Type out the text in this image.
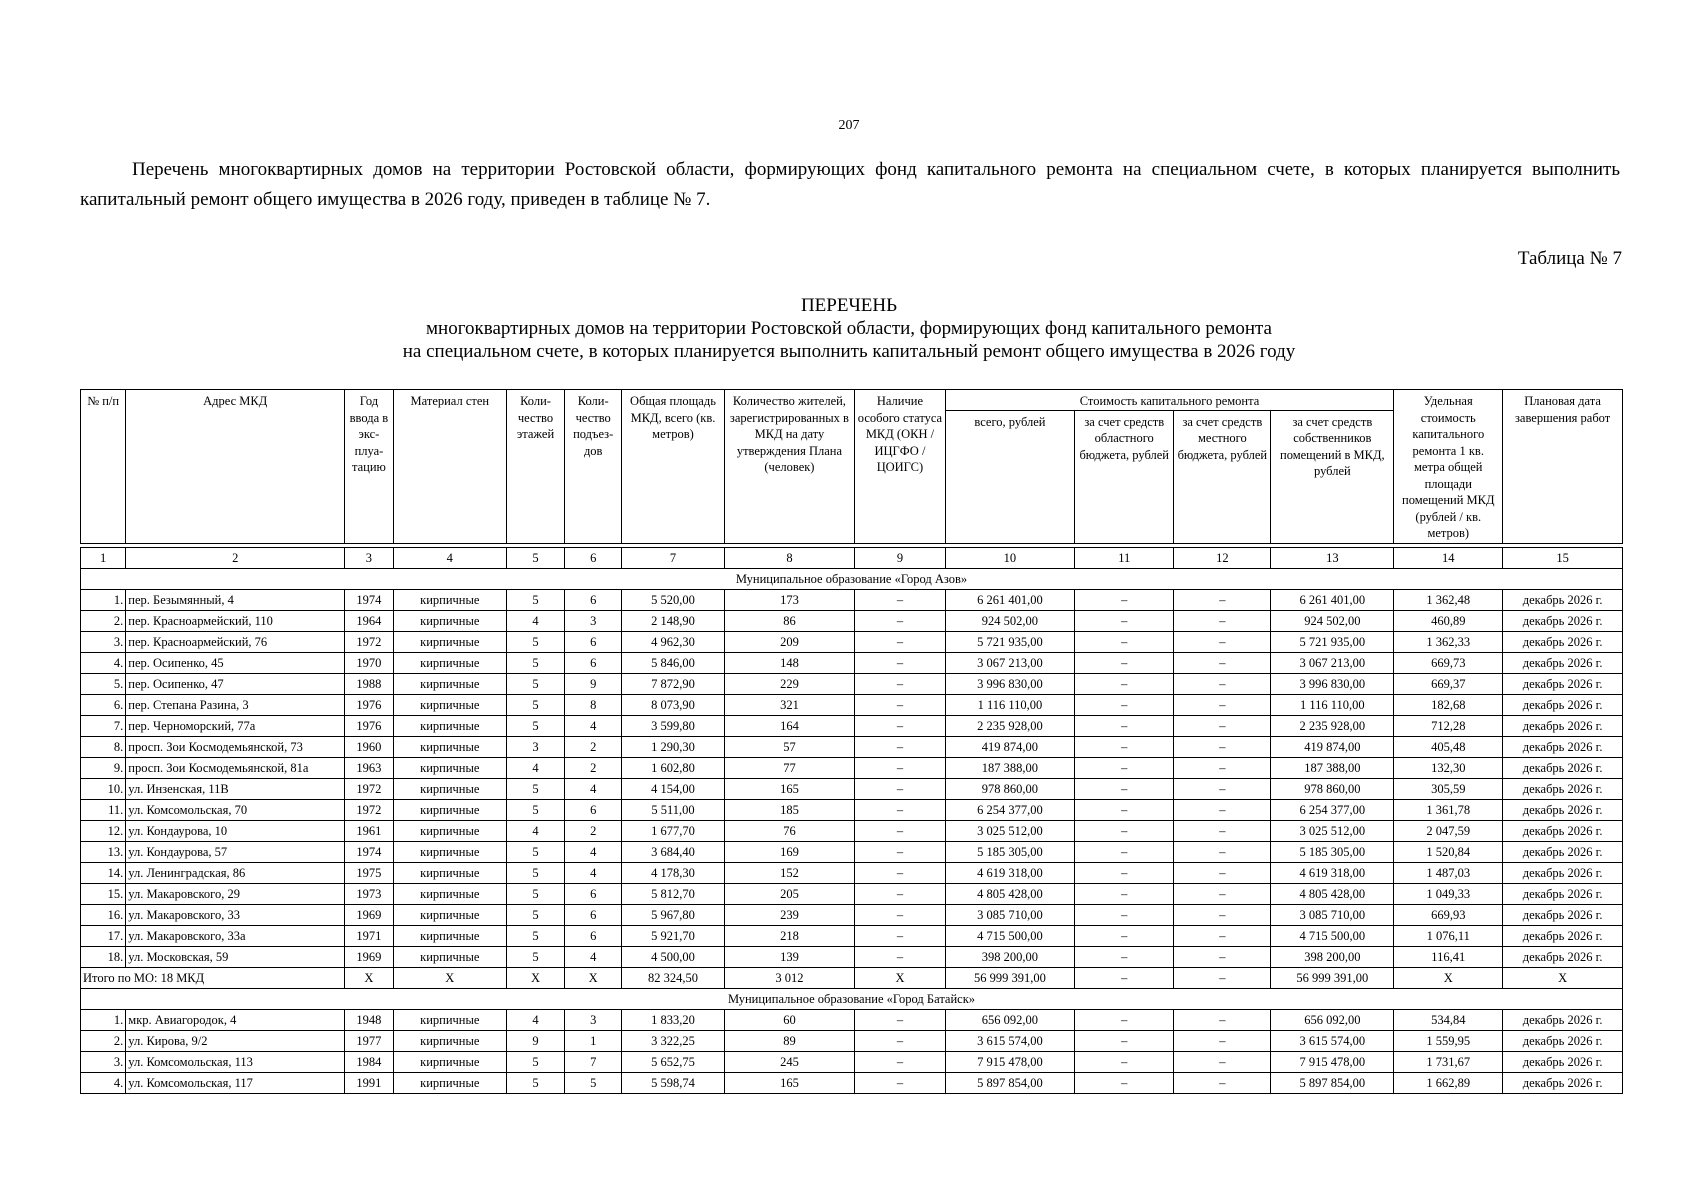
207
Перечень многоквартирных домов на территории Ростовской области, формирующих фонд капитального ремонта на специальном счете, в которых планируется выполнить капитальный ремонт общего имущества в 2026 году, приведен в таблице № 7.
Таблица № 7
ПЕРЕЧЕНЬ
многоквартирных домов на территории Ростовской области, формирующих фонд капитального ремонта
на специальном счете, в которых планируется выполнить капитальный ремонт общего имущества в 2026 году
№ п/п	Адрес МКД	Год ввода в экс-плуа-тацию	Материал стен	Коли-чество этажей	Коли-чество подъез-дов	Общая площадь МКД, всего (кв. метров)	Количество жителей, зарегистрированных в МКД на дату утверждения Плана (человек)	Наличие особого статуса МКД (ОКН / ИЦГФО / ЦОИГС)	Стоимость капитального ремонта				Удельная стоимость капитального ремонта 1 кв. метра общей площади помещений МКД (рублей / кв. метров)	Плановая дата завершения работ
									всего, рублей	за счет средств областного бюджета, рублей	за счет средств местного бюджета, рублей	за счет средств собственников помещений в МКД, рублей		

1	2	3	4	5	6	7	8	9	10	11	12	13	14	15
Муниципальное образование «Город Азов»														
1.	пер. Безымянный, 4	1974	кирпичные	5	6	5 520,00	173	–	6 261 401,00	–	–	6 261 401,00	1 362,48	декабрь 2026 г.
2.	пер. Красноармейский, 110	1964	кирпичные	4	3	2 148,90	86	–	924 502,00	–	–	924 502,00	460,89	декабрь 2026 г.
3.	пер. Красноармейский, 76	1972	кирпичные	5	6	4 962,30	209	–	5 721 935,00	–	–	5 721 935,00	1 362,33	декабрь 2026 г.
4.	пер. Осипенко, 45	1970	кирпичные	5	6	5 846,00	148	–	3 067 213,00	–	–	3 067 213,00	669,73	декабрь 2026 г.
5.	пер. Осипенко, 47	1988	кирпичные	5	9	7 872,90	229	–	3 996 830,00	–	–	3 996 830,00	669,37	декабрь 2026 г.
6.	пер. Степана Разина, 3	1976	кирпичные	5	8	8 073,90	321	–	1 116 110,00	–	–	1 116 110,00	182,68	декабрь 2026 г.
7.	пер. Черноморский, 77а	1976	кирпичные	5	4	3 599,80	164	–	2 235 928,00	–	–	2 235 928,00	712,28	декабрь 2026 г.
8.	просп. Зои Космодемьянской, 73	1960	кирпичные	3	2	1 290,30	57	–	419 874,00	–	–	419 874,00	405,48	декабрь 2026 г.
9.	просп. Зои Космодемьянской, 81а	1963	кирпичные	4	2	1 602,80	77	–	187 388,00	–	–	187 388,00	132,30	декабрь 2026 г.
10.	ул. Инзенская, 11В	1972	кирпичные	5	4	4 154,00	165	–	978 860,00	–	–	978 860,00	305,59	декабрь 2026 г.
11.	ул. Комсомольская, 70	1972	кирпичные	5	6	5 511,00	185	–	6 254 377,00	–	–	6 254 377,00	1 361,78	декабрь 2026 г.
12.	ул. Кондаурова, 10	1961	кирпичные	4	2	1 677,70	76	–	3 025 512,00	–	–	3 025 512,00	2 047,59	декабрь 2026 г.
13.	ул. Кондаурова, 57	1974	кирпичные	5	4	3 684,40	169	–	5 185 305,00	–	–	5 185 305,00	1 520,84	декабрь 2026 г.
14.	ул. Ленинградская, 86	1975	кирпичные	5	4	4 178,30	152	–	4 619 318,00	–	–	4 619 318,00	1 487,03	декабрь 2026 г.
15.	ул. Макаровского, 29	1973	кирпичные	5	6	5 812,70	205	–	4 805 428,00	–	–	4 805 428,00	1 049,33	декабрь 2026 г.
16.	ул. Макаровского, 33	1969	кирпичные	5	6	5 967,80	239	–	3 085 710,00	–	–	3 085 710,00	669,93	декабрь 2026 г.
17.	ул. Макаровского, 33а	1971	кирпичные	5	6	5 921,70	218	–	4 715 500,00	–	–	4 715 500,00	1 076,11	декабрь 2026 г.
18.	ул. Московская, 59	1969	кирпичные	5	4	4 500,00	139	–	398 200,00	–	–	398 200,00	116,41	декабрь 2026 г.
Итого по МО: 18 МКД		X	X	X	X	82 324,50	3 012	X	56 999 391,00	–	–	56 999 391,00	X	X
Муниципальное образование «Город Батайск»														
1.	мкр. Авиагородок, 4	1948	кирпичные	4	3	1 833,20	60	–	656 092,00	–	–	656 092,00	534,84	декабрь 2026 г.
2.	ул. Кирова, 9/2	1977	кирпичные	9	1	3 322,25	89	–	3 615 574,00	–	–	3 615 574,00	1 559,95	декабрь 2026 г.
3.	ул. Комсомольская, 113	1984	кирпичные	5	7	5 652,75	245	–	7 915 478,00	–	–	7 915 478,00	1 731,67	декабрь 2026 г.
4.	ул. Комсомольская, 117	1991	кирпичные	5	5	5 598,74	165	–	5 897 854,00	–	–	5 897 854,00	1 662,89	декабрь 2026 г.
